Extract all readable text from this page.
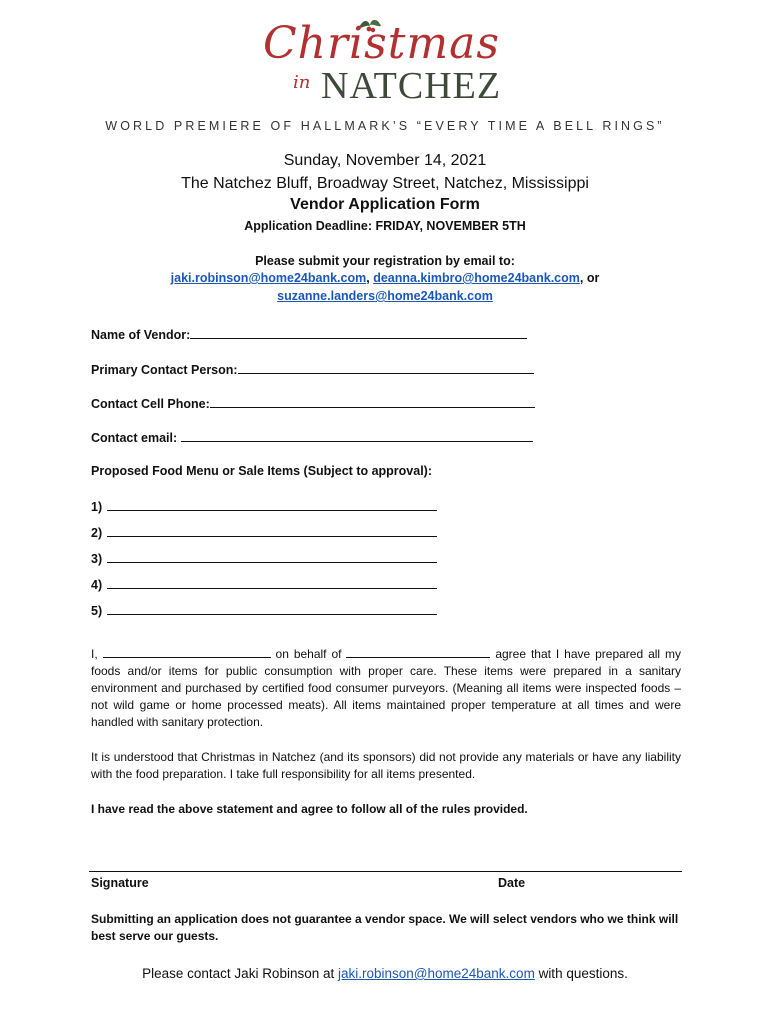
Christmas
in NATCHEZ
WORLD PREMIERE OF HALLMARK’S “EVERY TIME A BELL RINGS”
Sunday, November 14, 2021
The Natchez Bluff, Broadway Street, Natchez, Mississippi
Vendor Application Form
Application Deadline: FRIDAY, NOVEMBER 5TH
Please submit your registration by email to:
jaki.robinson@home24bank.com, deanna.kimbro@home24bank.com, or
suzanne.landers@home24bank.com
Name of Vendor:
Primary Contact Person:
Contact Cell Phone:
Contact email:
Proposed Food Menu or Sale Items (Subject to approval):
1)
2)
3)
4)
5)
I,	on behalf of	agree that I have prepared all my foods and/or items for public consumption with proper care. These items were prepared in a sanitary environment and purchased by certified food consumer purveyors. (Meaning all items were inspected foods – not wild game or home processed meats). All items maintained proper temperature at all times and were handled with sanitary protection.
It is understood that Christmas in Natchez (and its sponsors) did not provide any materials or have any liability with the food preparation. I take full responsibility for all items presented.
I have read the above statement and agree to follow all of the rules provided.
Signature	Date
Submitting an application does not guarantee a vendor space. We will select vendors who we think will best serve our guests.
Please contact Jaki Robinson at jaki.robinson@home24bank.com with questions.
